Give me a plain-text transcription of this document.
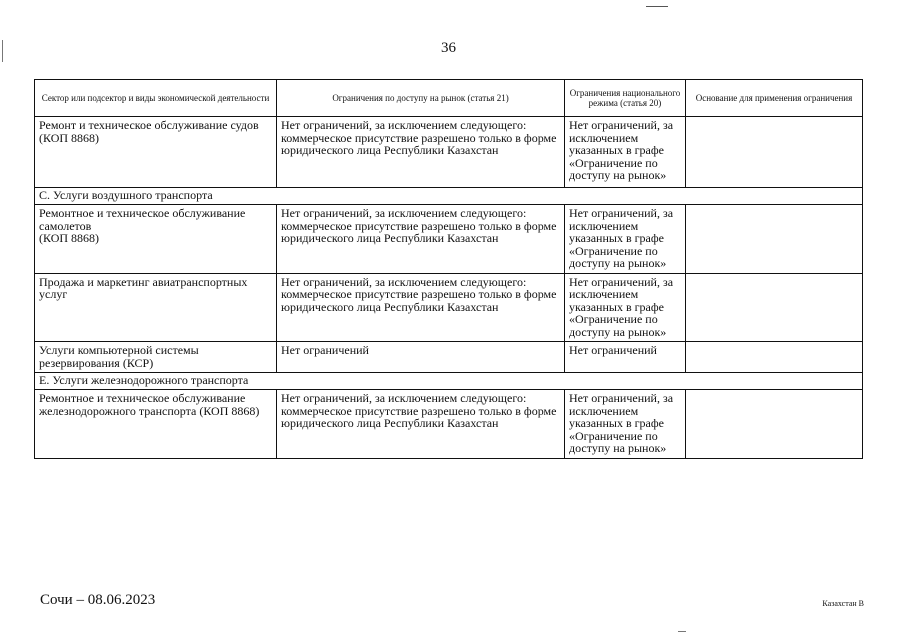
36
Сектор или подсектор и виды экономической деятельности	Ограничения по доступу на рынок (статья 21)	Ограничения национального режима (статья 20)	Основание для применения ограничения
Ремонт и техническое обслуживание судов (КОП 8868)	Нет ограничений, за исключением следующего: коммерческое присутствие разрешено только в форме юридического лица Республики Казахстан	Нет ограничений, за исключением указанных в графе «Ограничение по доступу на рынок»	
C. Услуги воздушного транспорта			
Ремонтное и техническое обслуживание самолетов
(КОП 8868)	Нет ограничений, за исключением следующего: коммерческое присутствие разрешено только в форме юридического лица Республики Казахстан	Нет ограничений, за исключением указанных в графе «Ограничение по доступу на рынок»	
Продажа и маркетинг авиатранспортных услуг	Нет ограничений, за исключением следующего: коммерческое присутствие разрешено только в форме юридического лица Республики Казахстан	Нет ограничений, за исключением указанных в графе «Ограничение по доступу на рынок»	
Услуги компьютерной системы резервирования (КСР)	Нет ограничений	Нет ограничений	
E. Услуги железнодорожного транспорта			
Ремонтное и техническое обслуживание железнодорожного транспорта (КОП 8868)	Нет ограничений, за исключением следующего: коммерческое присутствие разрешено только в форме юридического лица Республики Казахстан	Нет ограничений, за исключением указанных в графе «Ограничение по доступу на рынок»	
Сочи – 08.06.2023	Казахстан B
